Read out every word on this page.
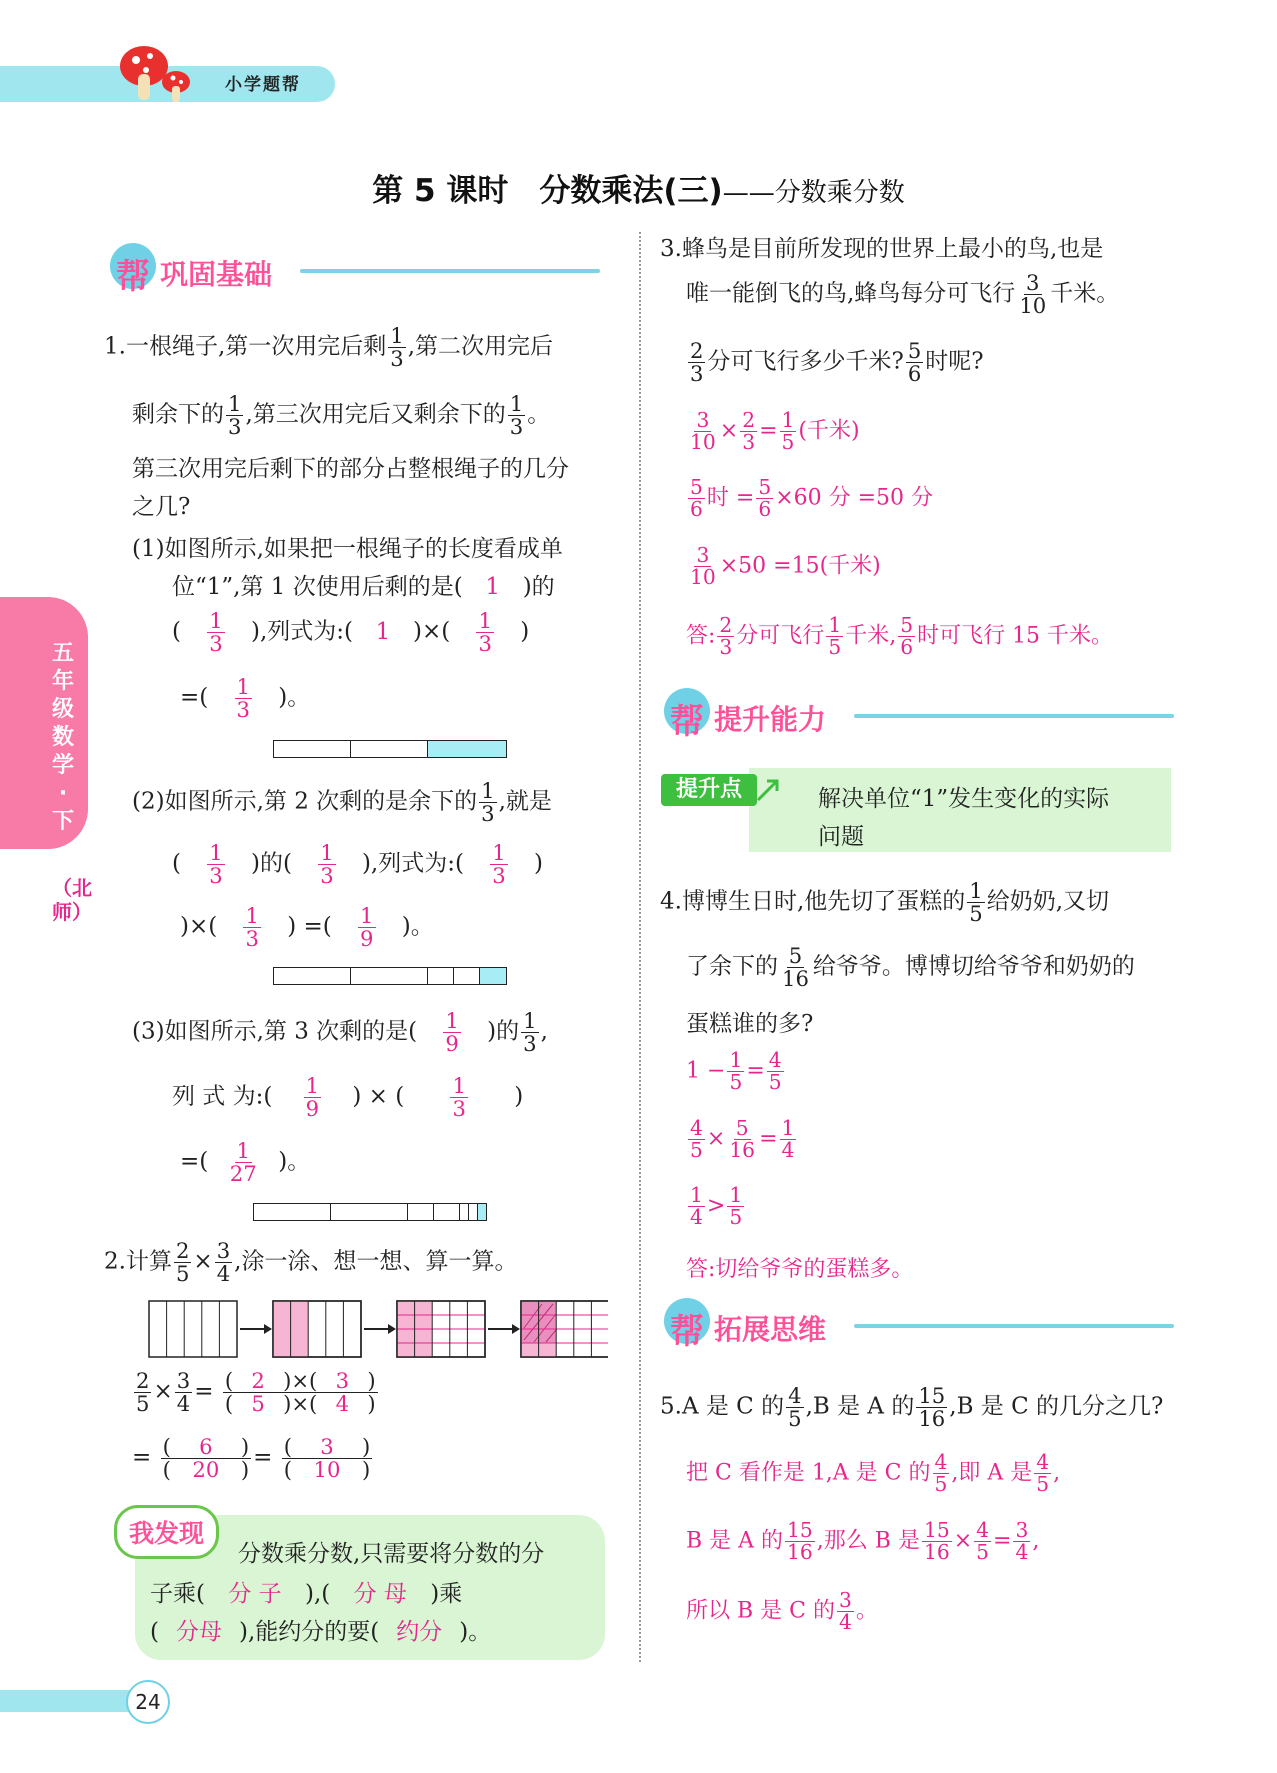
小学题帮
五年级数学·下
（北师）
第 5 课时　分数乘法(三)——分数乘分数
帮 巩固基础
1.一根绳子,第一次用完后剩 $\frac{1}{3}$ ,第二次用完后
剩余下的 $\frac{1}{3}$ ,第三次用完后又剩余下的 $\frac{1}{3}$ 。
第三次用完后剩下的部分占整根绳子的几分
之几?
(1)如图所示,如果把一根绳子的长度看成单
位“1”,第 1 次使用后剩的是( 1 )的
( $\frac{1}{3}$ ),列式为:( 1 )×( $\frac{1}{3}$ )
=( $\frac{1}{3}$ )。
(2)如图所示,第 2 次剩的是余下的 $\frac{1}{3}$ ,就是
( $\frac{1}{3}$ )的( $\frac{1}{3}$ ),列式为:( $\frac{1}{3}$ )
)×( $\frac{1}{3}$ ) =( $\frac{1}{9}$ )。
(3)如图所示,第 3 次剩的是( $\frac{1}{9}$ )的 $\frac{1}{3}$ ,
列 式 为:( $\frac{1}{9}$ ) × ( $\frac{1}{3}$ )
=( $\frac{1}{27}$ )。
2.计算 $\frac{2}{5} \times \frac{3}{4}$ ,涂一涂、想一想、算一算。
$\frac{2}{5} \times \frac{3}{4} = \frac{( 2 )\times( 3 )}{( 5 )\times( 4 )}$
= $\frac{( 6 )}{( 20 )} = \frac{( 3 )}{( 10 )}$
我发现
分数乘分数,只需要将分数的分
子乘( 分 子 ),( 分 母 )乘
( 分母 ),能约分的要( 约分 )。
3.蜂鸟是目前所发现的世界上最小的鸟,也是
唯一能倒飞的鸟,蜂鸟每分可飞行 $\frac{3}{10}$ 千米。
$\frac{2}{3}$ 分可飞行多少千米? $\frac{5}{6}$ 时呢?
$\frac{3}{10} \times \frac{2}{3} = \frac{1}{5}$ (千米)
$\frac{5}{6}$ 时 = $\frac{5}{6} \times 60$ 分 =50 分
$\frac{3}{10} \times 50 =15$(千米)
答: $\frac{2}{3}$ 分可飞行 $\frac{1}{5}$ 千米, $\frac{5}{6}$ 时可飞行 15 千米。
帮 提升能力
提升点	解决单位“1”发生变化的实际
问题
4.博博生日时,他先切了蛋糕的 $\frac{1}{5}$ 给奶奶,又切
了余下的 $\frac{5}{16}$ 给爷爷。博博切给爷爷和奶奶的
蛋糕谁的多?
$1 - \frac{1}{5} = \frac{4}{5}$
$\frac{4}{5} \times \frac{5}{16} = \frac{1}{4}$
$\frac{1}{4} > \frac{1}{5}$
答:切给爷爷的蛋糕多。
帮 拓展思维
5.A 是 C 的 $\frac{4}{5} ,B$ 是 A 的 $\frac{15}{16} ,B$ 是 C 的几分之几?
把 C 看作是 1,A 是 C 的 $\frac{4}{5}$ ,即 A 是 $\frac{4}{5}$ ,
B 是 A 的 $\frac{15}{16}$ ,那么 B 是 $\frac{15}{16} \times \frac{4}{5} = \frac{3}{4}$ ,
所以 B 是 C 的 $\frac{3}{4}$ 。
24
